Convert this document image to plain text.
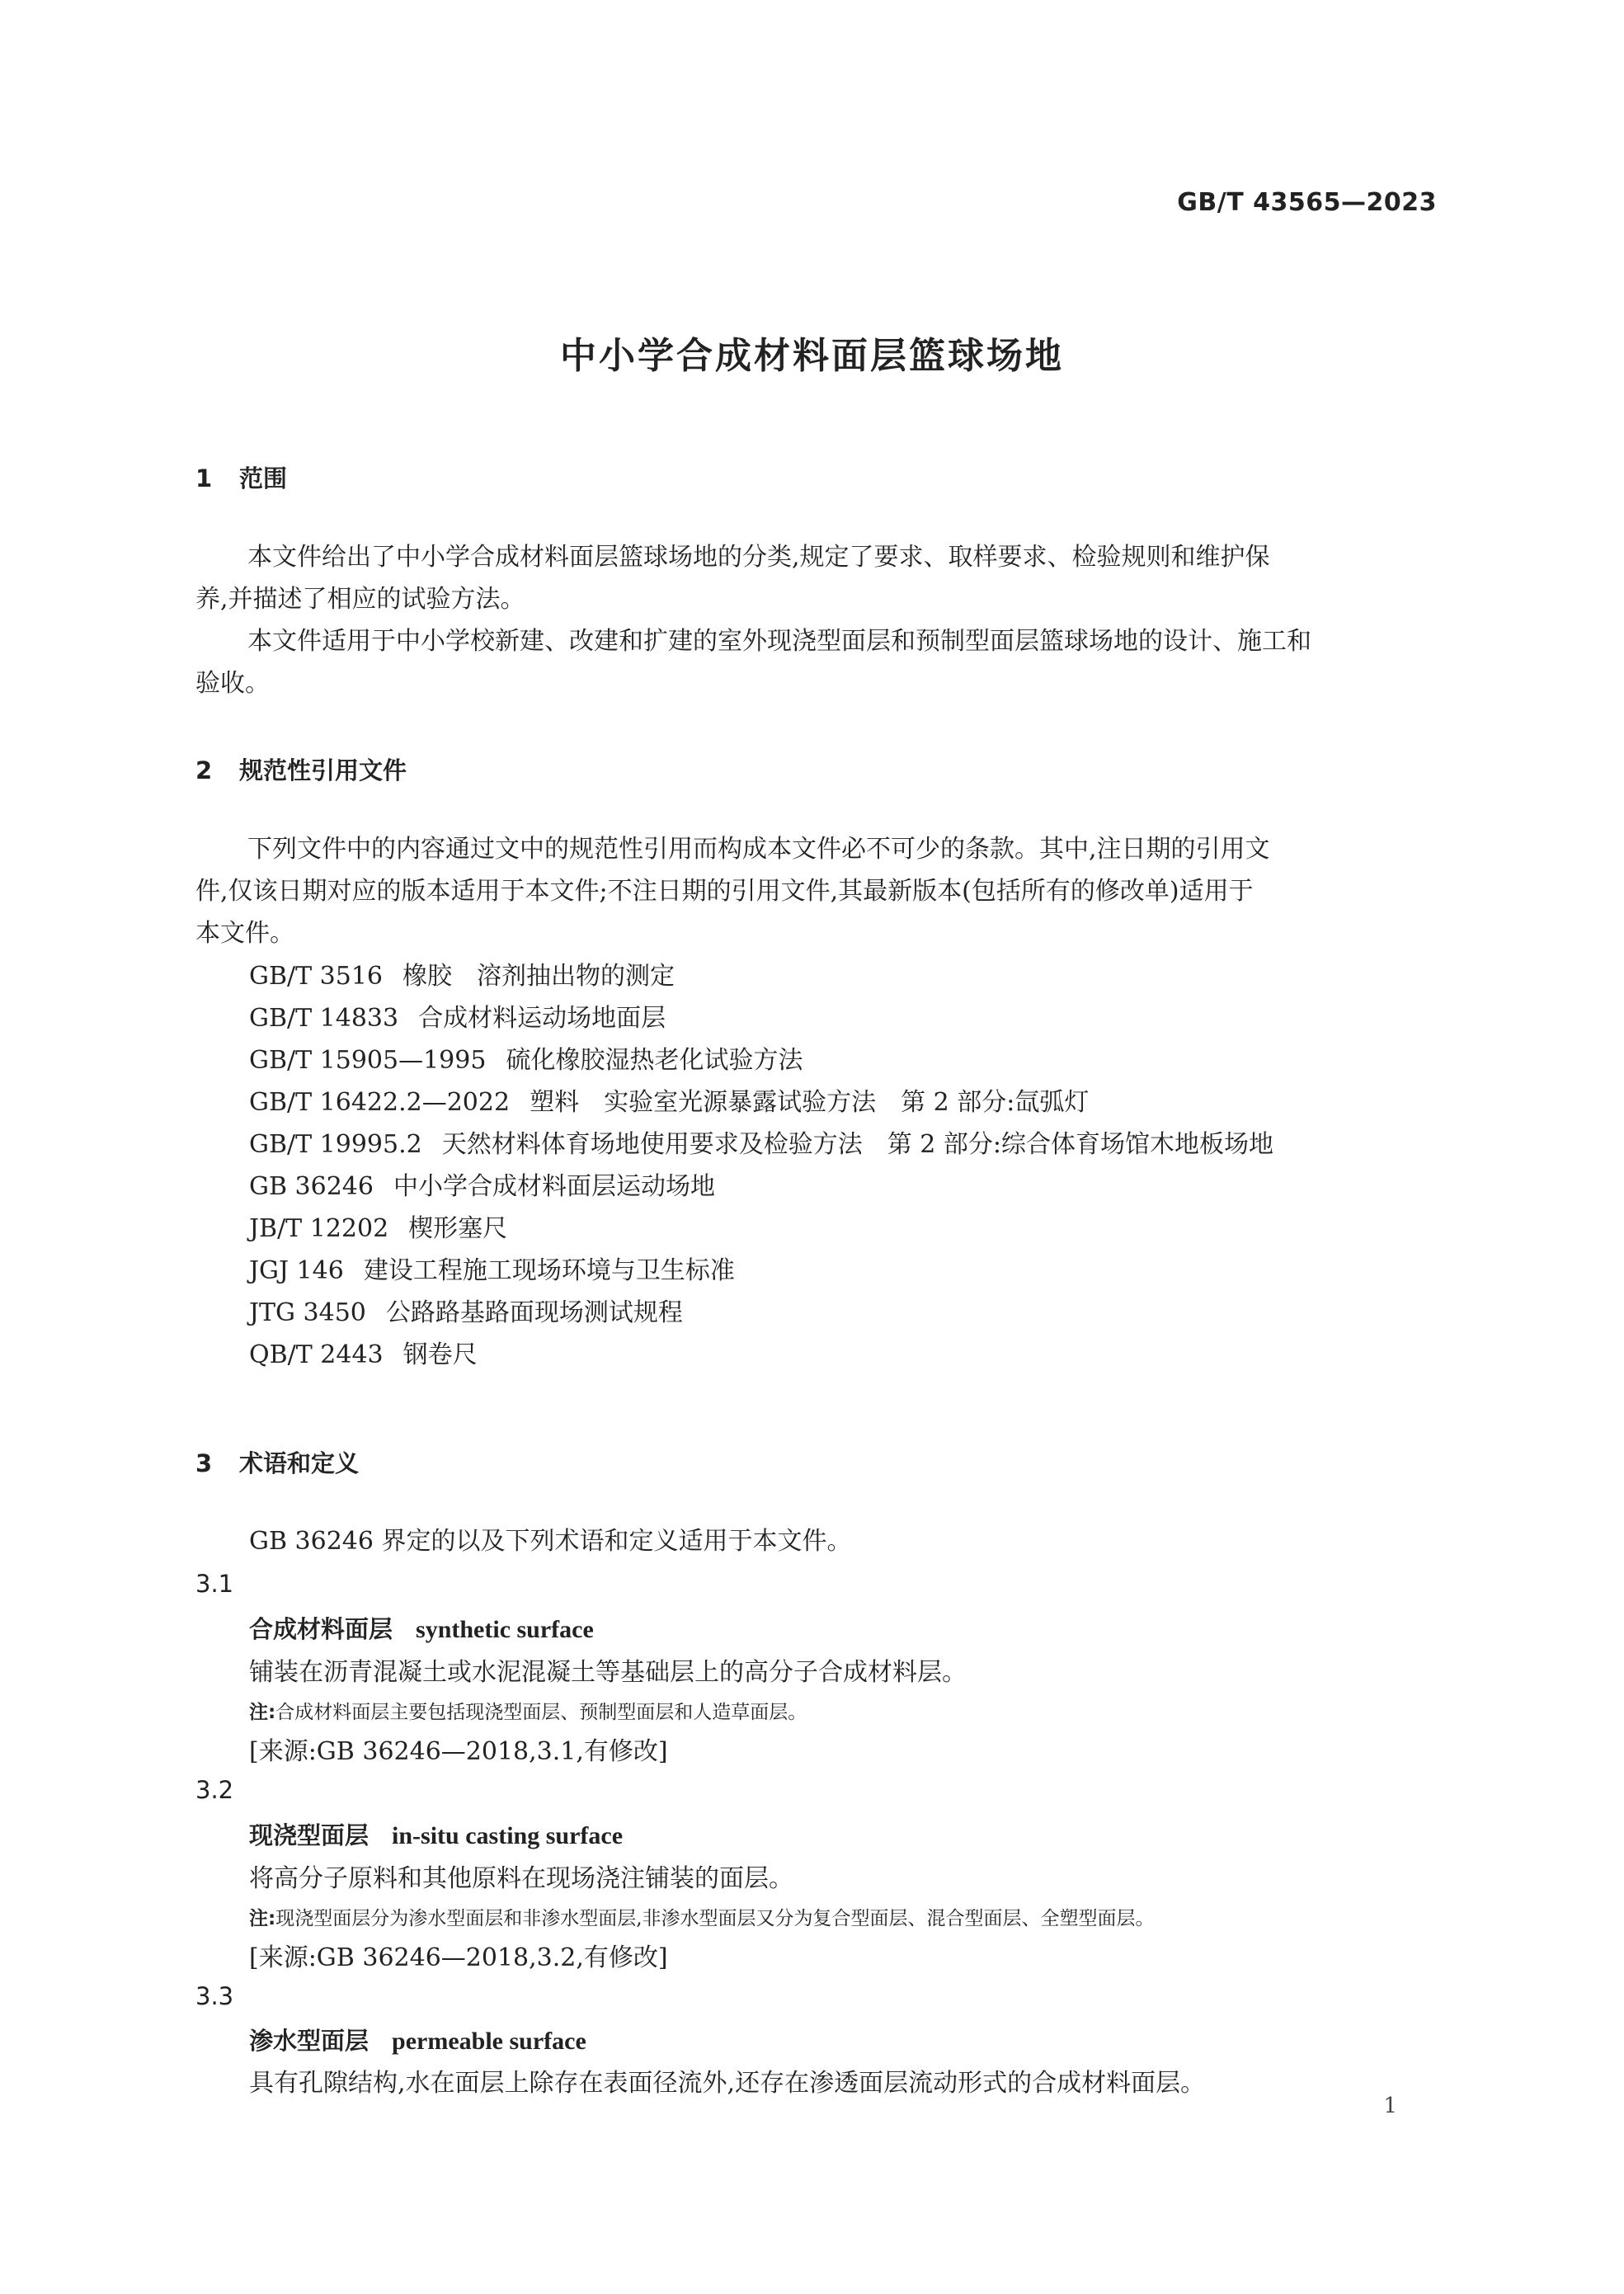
GB/T 43565—2023
中小学合成材料面层篮球场地
1 范围
本文件给出了中小学合成材料面层篮球场地的分类,规定了要求、取样要求、检验规则和维护保
养,并描述了相应的试验方法。
本文件适用于中小学校新建、改建和扩建的室外现浇型面层和预制型面层篮球场地的设计、施工和
验收。
2 规范性引用文件
下列文件中的内容通过文中的规范性引用而构成本文件必不可少的条款。其中,注日期的引用文
件,仅该日期对应的版本适用于本文件;不注日期的引用文件,其最新版本(包括所有的修改单)适用于
本文件。
GB/T 3516 橡胶　溶剂抽出物的测定
GB/T 14833 合成材料运动场地面层
GB/T 15905—1995 硫化橡胶湿热老化试验方法
GB/T 16422.2—2022 塑料　实验室光源暴露试验方法　第 2 部分:氙弧灯
GB/T 19995.2 天然材料体育场地使用要求及检验方法　第 2 部分:综合体育场馆木地板场地
GB 36246 中小学合成材料面层运动场地
JB/T 12202 楔形塞尺
JGJ 146 建设工程施工现场环境与卫生标准
JTG 3450 公路路基路面现场测试规程
QB/T 2443 钢卷尺
3 术语和定义
GB 36246 界定的以及下列术语和定义适用于本文件。
3.1
合成材料面层 synthetic surface
铺装在沥青混凝土或水泥混凝土等基础层上的高分子合成材料层。
注:合成材料面层主要包括现浇型面层、预制型面层和人造草面层。
[来源:GB 36246—2018,3.1,有修改]
3.2
现浇型面层 in-situ casting surface
将高分子原料和其他原料在现场浇注铺装的面层。
注:现浇型面层分为渗水型面层和非渗水型面层,非渗水型面层又分为复合型面层、混合型面层、全塑型面层。
[来源:GB 36246—2018,3.2,有修改]
3.3
渗水型面层 permeable surface
具有孔隙结构,水在面层上除存在表面径流外,还存在渗透面层流动形式的合成材料面层。
1
